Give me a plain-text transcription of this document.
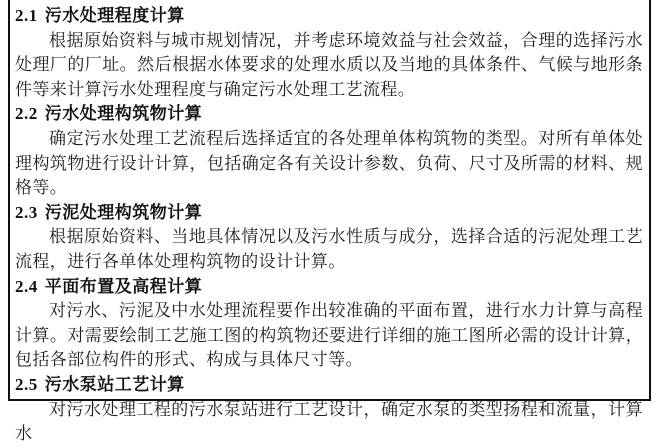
2.1 污水处理程度计算

根据原始资料与城市规划情况，并考虑环境效益与社会效益，合理的选择污水处理厂的厂址。然后根据水体要求的处理水质以及当地的具体条件、气候与地形条件等来计算污水处理程度与确定污水处理工艺流程。

2.2 污水处理构筑物计算

确定污水处理工艺流程后选择适宜的各处理单体构筑物的类型。对所有单体处理构筑物进行设计计算，包括确定各有关设计参数、负荷、尺寸及所需的材料、规格等。

2.3 污泥处理构筑物计算

根据原始资料、当地具体情况以及污水性质与成分，选择合适的污泥处理工艺流程，进行各单体处理构筑物的设计计算。

2.4 平面布置及高程计算

对污水、污泥及中水处理流程要作出较准确的平面布置，进行水力计算与高程计算。对需要绘制工艺施工图的构筑物还要进行详细的施工图所必需的设计计算，包括各部位构件的形式、构成与具体尺寸等。

2.5 污水泵站工艺计算

对污水处理工程的污水泵站进行工艺设计，确定水泵的类型扬程和流量，计算水
